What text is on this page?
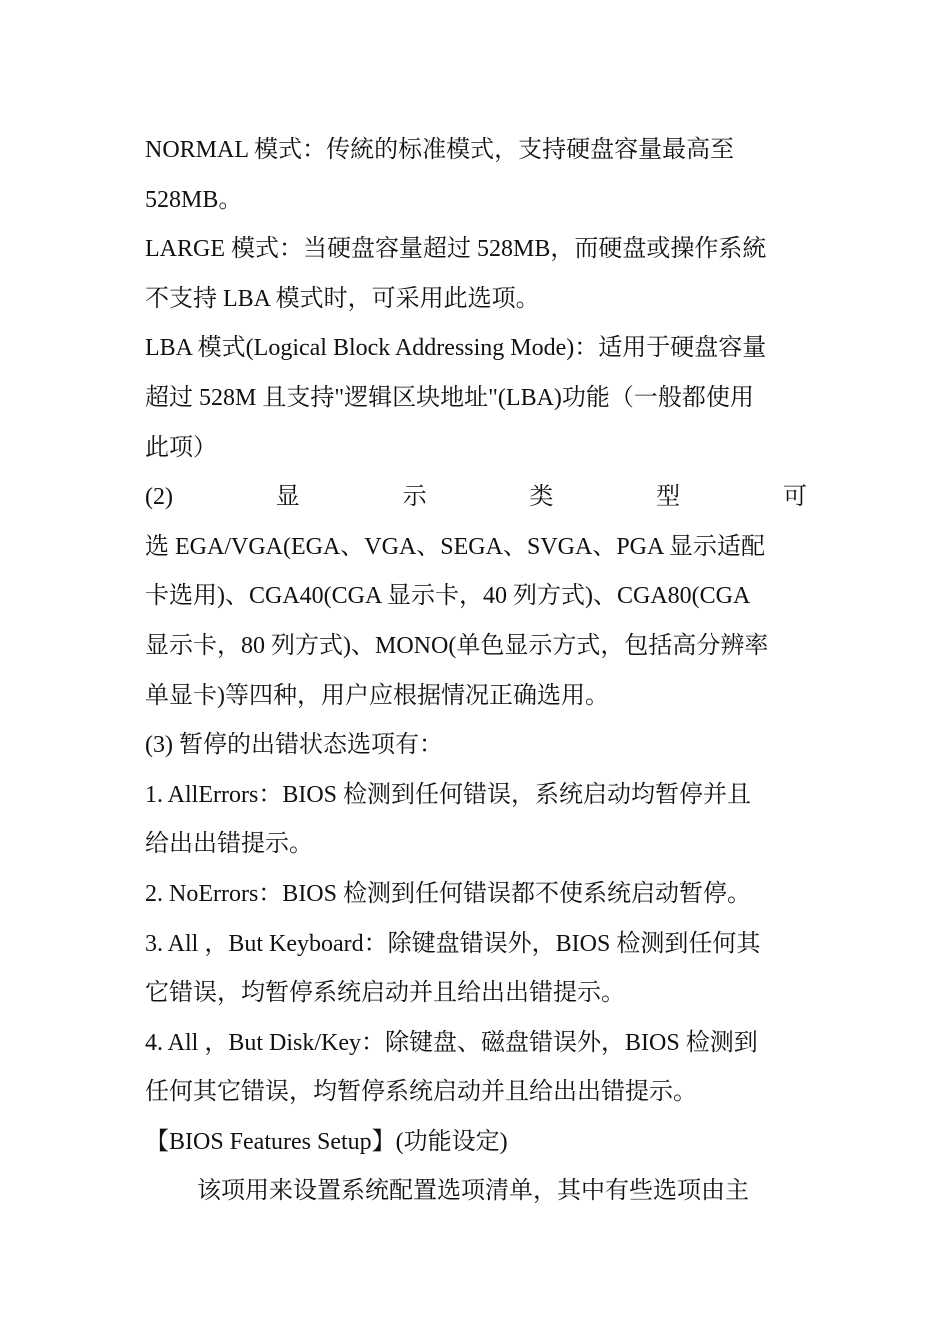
NORMAL 模式：传統的标准模式，支持硬盘容量最高至
528MB。
LARGE 模式：当硬盘容量超过 528MB，而硬盘或操作系統
不支持 LBA 模式时，可采用此选项。
LBA 模式(Logical Block Addressing Mode)：适用于硬盘容量
超过 528M 且支持"逻辑区块地址"(LBA)功能（一般都使用
此项）
(2)	显	示	类	型	可
选 EGA/VGA(EGA、VGA、SEGA、SVGA、PGA 显示适配
卡选用)、CGA40(CGA 显示卡，40 列方式)、CGA80(CGA
显示卡，80 列方式)、MONO(单色显示方式，包括高分辨率
单显卡)等四种，用户应根据情况正确选用。
(3) 暂停的出错状态选项有：
1. AllErrors：BIOS 检测到任何错误，系统启动均暂停并且
给出出错提示。
2. NoErrors：BIOS 检测到任何错误都不使系统启动暂停。
3. All ，But Keyboard：除键盘错误外，BIOS 检测到任何其
它错误，均暂停系统启动并且给出出错提示。
4. All ，But Disk/Key：除键盘、磁盘错误外，BIOS 检测到
任何其它错误，均暂停系统启动并且给出出错提示。
【BIOS Features Setup】(功能设定)
该项用来设置系统配置选项清单，其中有些选项由主
